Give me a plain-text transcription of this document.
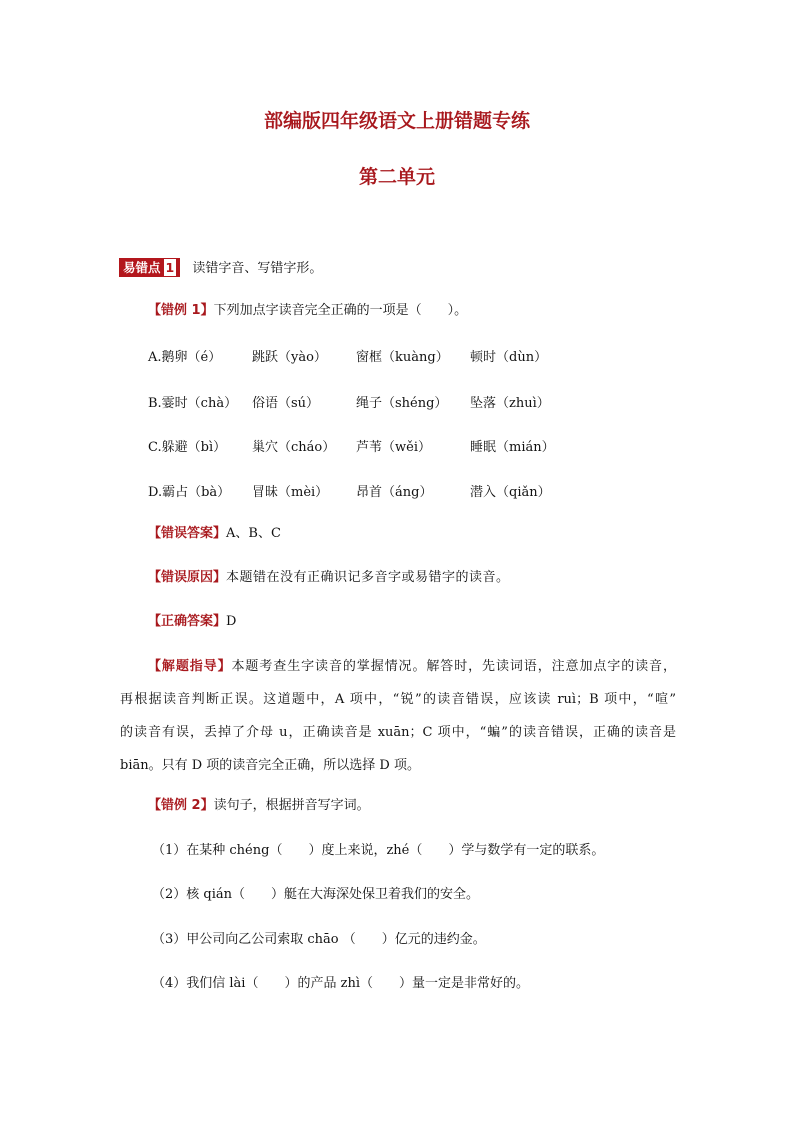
部编版四年级语文上册错题专练
第二单元
易错点 1 读错字音、写错字形。
【错例 1】下列加点字读音完全正确的一项是（　　）。
A.鹅卵（é） 跳跃（yào） 窗框（kuàng） 顿时（dùn）
B.霎时（chà） 俗语（sú）	绳子（shéng） 坠落（zhuì）
C.躲避（bì） 巢穴（cháo） 芦苇（wěi）	睡眠（mián）
D.霸占（bà） 冒昧（mèi） 昂首（áng）	潜入（qiǎn）
【错误答案】A、B、C
【错误原因】本题错在没有正确识记多音字或易错字的读音。
【正确答案】D
【解题指导】本题考查生字读音的掌握情况。解答时，先读词语，注意加点字的读音，
再根据读音判断正误。这道题中，A 项中，“锐”的读音错误，应该读 ruì；B 项中，“喧”
的读音有误，丢掉了介母 u，正确读音是 xuān；C 项中，“蝙”的读音错误，正确的读音是
biān。只有 D 项的读音完全正确，所以选择 D 项。
【错例 2】读句子，根据拼音写字词。
（1）在某种 chéng（　　）度上来说，zhé（　　）学与数学有一定的联系。
（2）核 qián（　　）艇在大海深处保卫着我们的安全。
（3）甲公司向乙公司索取 chāo （　　）亿元的违约金。
（4）我们信 lài（　　）的产品 zhì（　　）量一定是非常好的。
